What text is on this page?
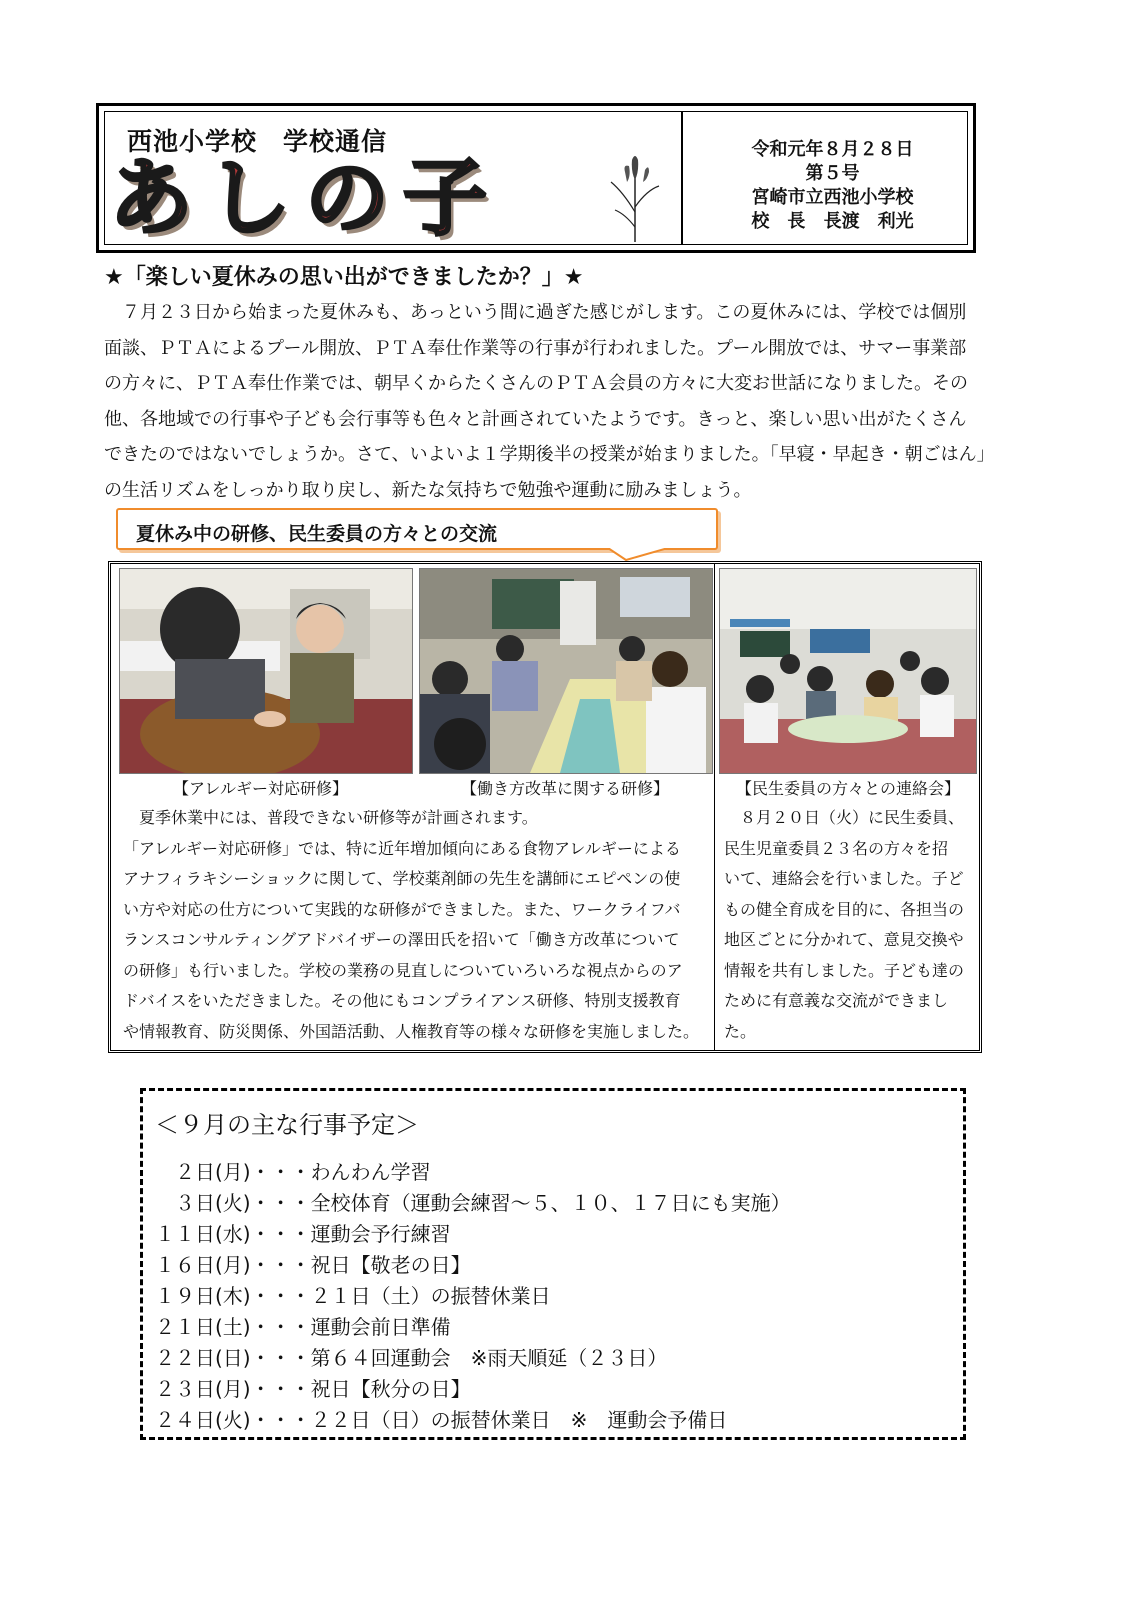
西池小学校　学校通信
あしの子	令和元年８月２８日
第５号
宮崎市立西池小学校
校　長 長渡　利光
★「楽しい夏休みの思い出ができましたか？」★
７月２３日から始まった夏休みも、あっという間に過ぎた感じがします。この夏休みには、学校では個別
面談、ＰＴＡによるプール開放、ＰＴＡ奉仕作業等の行事が行われました。プール開放では、サマー事業部
の方々に、ＰＴＡ奉仕作業では、朝早くからたくさんのＰＴＡ会員の方々に大変お世話になりました。その
他、各地域での行事や子ども会行事等も色々と計画されていたようです。きっと、楽しい思い出がたくさん
できたのではないでしょうか。さて、いよいよ１学期後半の授業が始まりました。「早寝・早起き・朝ごはん」
の生活リズムをしっかり取り戻し、新たな気持ちで勉強や運動に励みましょう。
夏休み中の研修、民生委員の方々との交流
【アレルギー対応研修】	【働き方改革に関する研修】	【民生委員の方々との連絡会】
夏季休業中には、普段できない研修等が計画されます。
「アレルギー対応研修」では、特に近年増加傾向にある食物アレルギーによる
アナフィラキシーショックに関して、学校薬剤師の先生を講師にエピペンの使
い方や対応の仕方について実践的な研修ができました。また、ワークライフバ
ランスコンサルティングアドバイザーの澤田氏を招いて「働き方改革について
の研修」も行いました。学校の業務の見直しについていろいろな視点からのア
ドバイスをいただきました。その他にもコンプライアンス研修、特別支援教育
や情報教育、防災関係、外国語活動、人権教育等の様々な研修を実施しました。
８月２０日（火）に民生委員、
民生児童委員２３名の方々を招
いて、連絡会を行いました。子ど
もの健全育成を目的に、各担当の
地区ごとに分かれて、意見交換や
情報を共有しました。子ども達の
ために有意義な交流ができまし
た。
＜９月の主な行事予定＞
　２日(月)・・・わんわん学習
　３日(火)・・・全校体育（運動会練習～５、１０、１７日にも実施）
１１日(水)・・・運動会予行練習
１６日(月)・・・祝日【敬老の日】
１９日(木)・・・２１日（土）の振替休業日
２１日(土)・・・運動会前日準備
２２日(日)・・・第６４回運動会　※雨天順延（２３日）
２３日(月)・・・祝日【秋分の日】
２４日(火)・・・２２日（日）の振替休業日　※　運動会予備日
